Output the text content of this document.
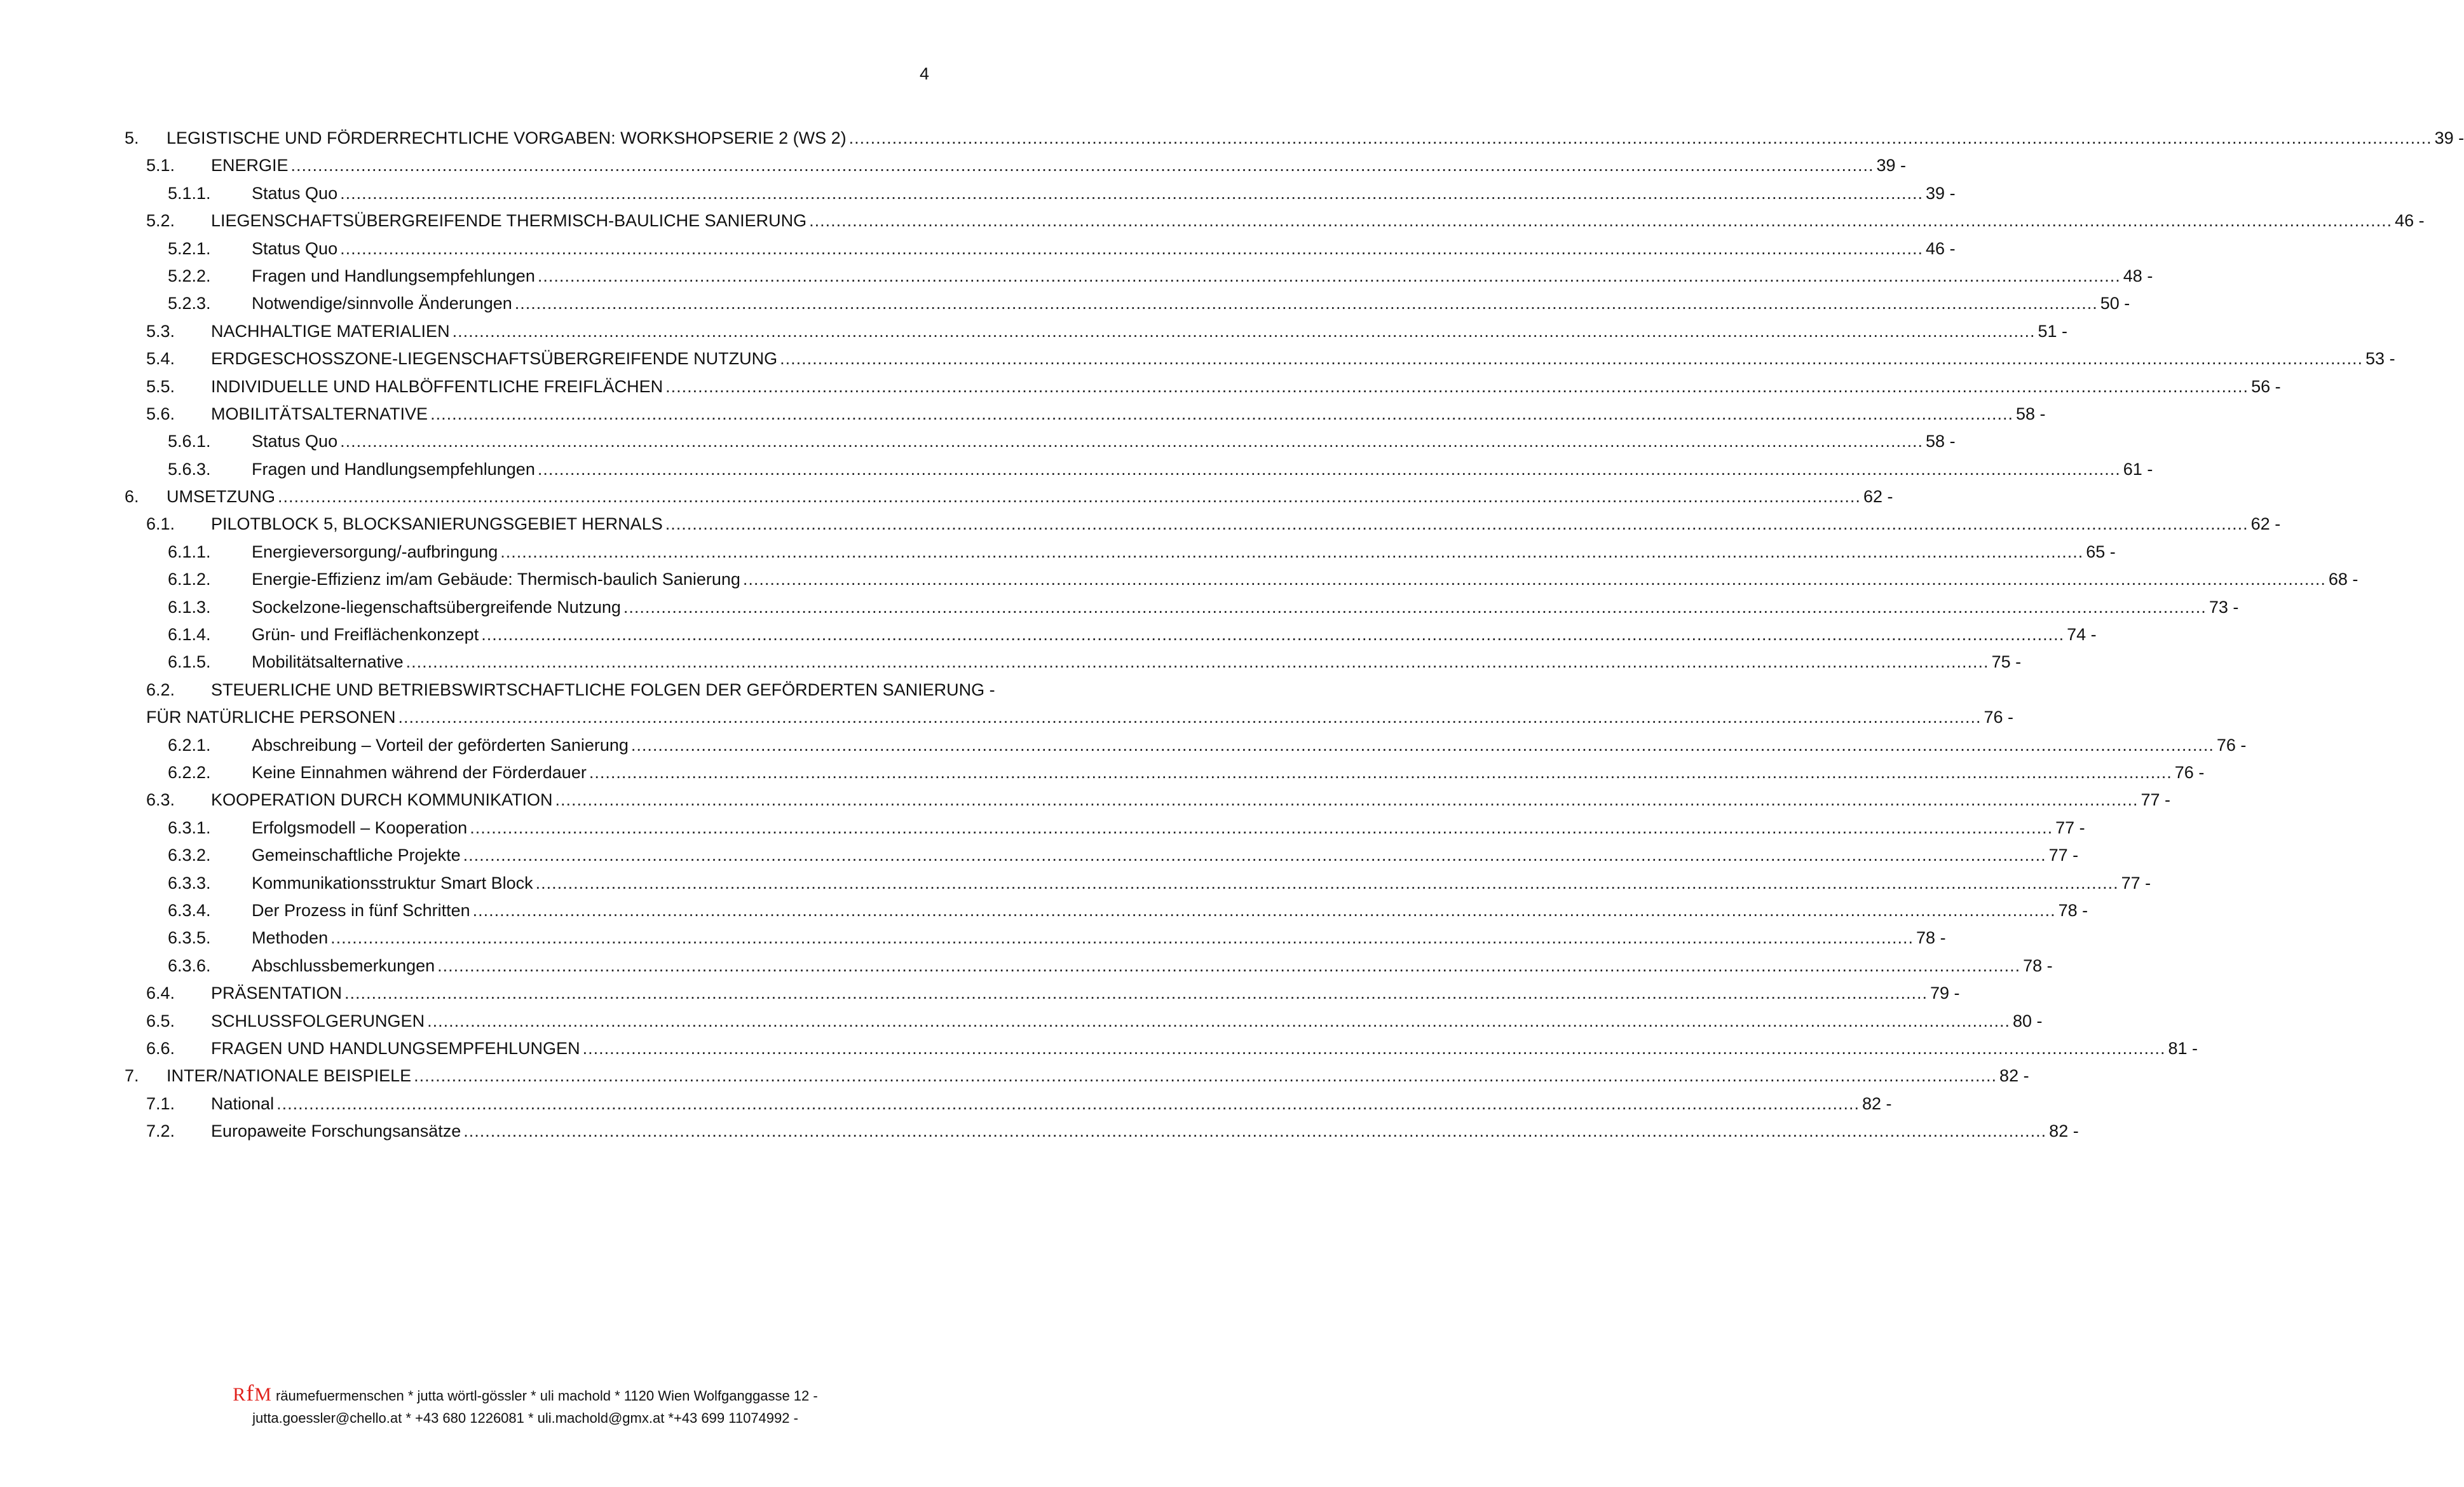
4
5.	LEGISTISCHE UND FÖRDERRECHTLICHE VORGABEN: WORKSHOPSERIE 2 (WS 2) .....	39 -
5.1.	ENERGIE .....	39 -
5.1.1.	Status Quo .....	39 -
5.2.	LIEGENSCHAFTSÜBERGREIFENDE THERMISCH-BAULICHE SANIERUNG .....	46 -
5.2.1.	Status Quo .....	46 -
5.2.2.	Fragen und Handlungsempfehlungen .....	48 -
5.2.3.	Notwendige/sinnvolle Änderungen .....	50 -
5.3.	NACHHALTIGE MATERIALIEN .....	51 -
5.4.	ERDGESCHOSSZONE-LIEGENSCHAFTSÜBERGREIFENDE NUTZUNG .....	53 -
5.5.	INDIVIDUELLE UND HALBÖFFENTLICHE FREIFLÄCHEN .....	56 -
5.6.	MOBILITÄTSALTERNATIVE .....	58 -
5.6.1.	Status Quo .....	58 -
5.6.3.	Fragen und Handlungsempfehlungen .....	61 -
6.	UMSETZUNG .....	62 -
6.1.	PILOTBLOCK 5, BLOCKSANIERUNGSGEBIET HERNALS .....	62 -
6.1.1.	Energieversorgung/-aufbringung .....	65 -
6.1.2.	Energie-Effizienz im/am Gebäude: Thermisch-baulich Sanierung .....	68 -
6.1.3.	Sockelzone-liegenschaftsübergreifende Nutzung .....	73 -
6.1.4.	Grün- und Freiflächenkonzept .....	74 -
6.1.5.	Mobilitätsalternative .....	75 -
6.2.	STEUERLICHE UND BETRIEBSWIRTSCHAFTLICHE FOLGEN DER GEFÖRDERTEN SANIERUNG -
FÜR NATÜRLICHE PERSONEN .....	76 -
6.2.1.	Abschreibung – Vorteil der geförderten Sanierung .....	76 -
6.2.2.	Keine Einnahmen während der Förderdauer .....	76 -
6.3.	KOOPERATION DURCH KOMMUNIKATION .....	77 -
6.3.1.	Erfolgsmodell – Kooperation .....	77 -
6.3.2.	Gemeinschaftliche Projekte .....	77 -
6.3.3.	Kommunikationsstruktur Smart Block .....	77 -
6.3.4.	Der Prozess in fünf Schritten .....	78 -
6.3.5.	Methoden .....	78 -
6.3.6.	Abschlussbemerkungen .....	78 -
6.4.	PRÄSENTATION .....	79 -
6.5.	SCHLUSSFOLGERUNGEN .....	80 -
6.6.	FRAGEN UND HANDLUNGSEMPFEHLUNGEN .....	81 -
7.	INTER/NATIONALE BEISPIELE .....	82 -
7.1.	National .....	82 -
7.2.	Europaweite Forschungsansätze .....	82 -
RfM räumefuermenschen * jutta wörtl-gössler * uli machold * 1120 Wien Wolfganggasse 12 -
jutta.goessler@chello.at * +43 680 1226081 * uli.machold@gmx.at *+43 699 11074992 -
